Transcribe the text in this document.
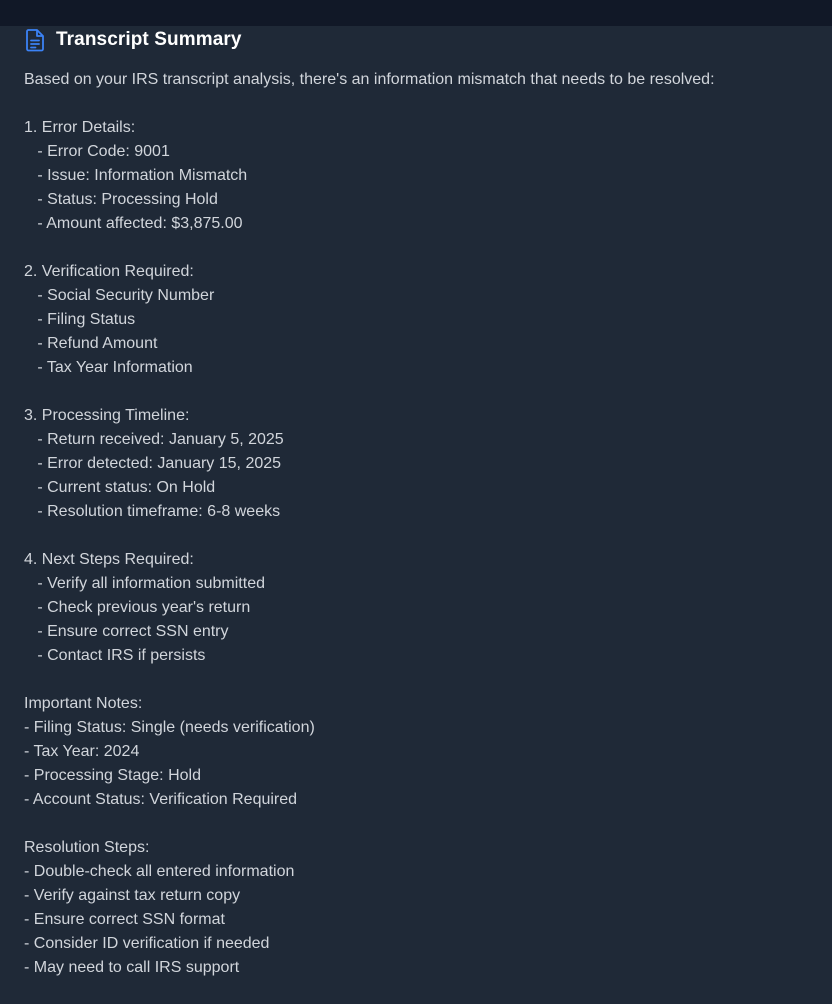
Transcript Summary
Based on your IRS transcript analysis, there's an information mismatch that needs to be resolved:
1. Error Details:
- Error Code: 9001
- Issue: Information Mismatch
- Status: Processing Hold
- Amount affected: $3,875.00
2. Verification Required:
- Social Security Number
- Filing Status
- Refund Amount
- Tax Year Information
3. Processing Timeline:
- Return received: January 5, 2025
- Error detected: January 15, 2025
- Current status: On Hold
- Resolution timeframe: 6-8 weeks
4. Next Steps Required:
- Verify all information submitted
- Check previous year's return
- Ensure correct SSN entry
- Contact IRS if persists
Important Notes:
- Filing Status: Single (needs verification)
- Tax Year: 2024
- Processing Stage: Hold
- Account Status: Verification Required
Resolution Steps:
- Double-check all entered information
- Verify against tax return copy
- Ensure correct SSN format
- Consider ID verification if needed
- May need to call IRS support
